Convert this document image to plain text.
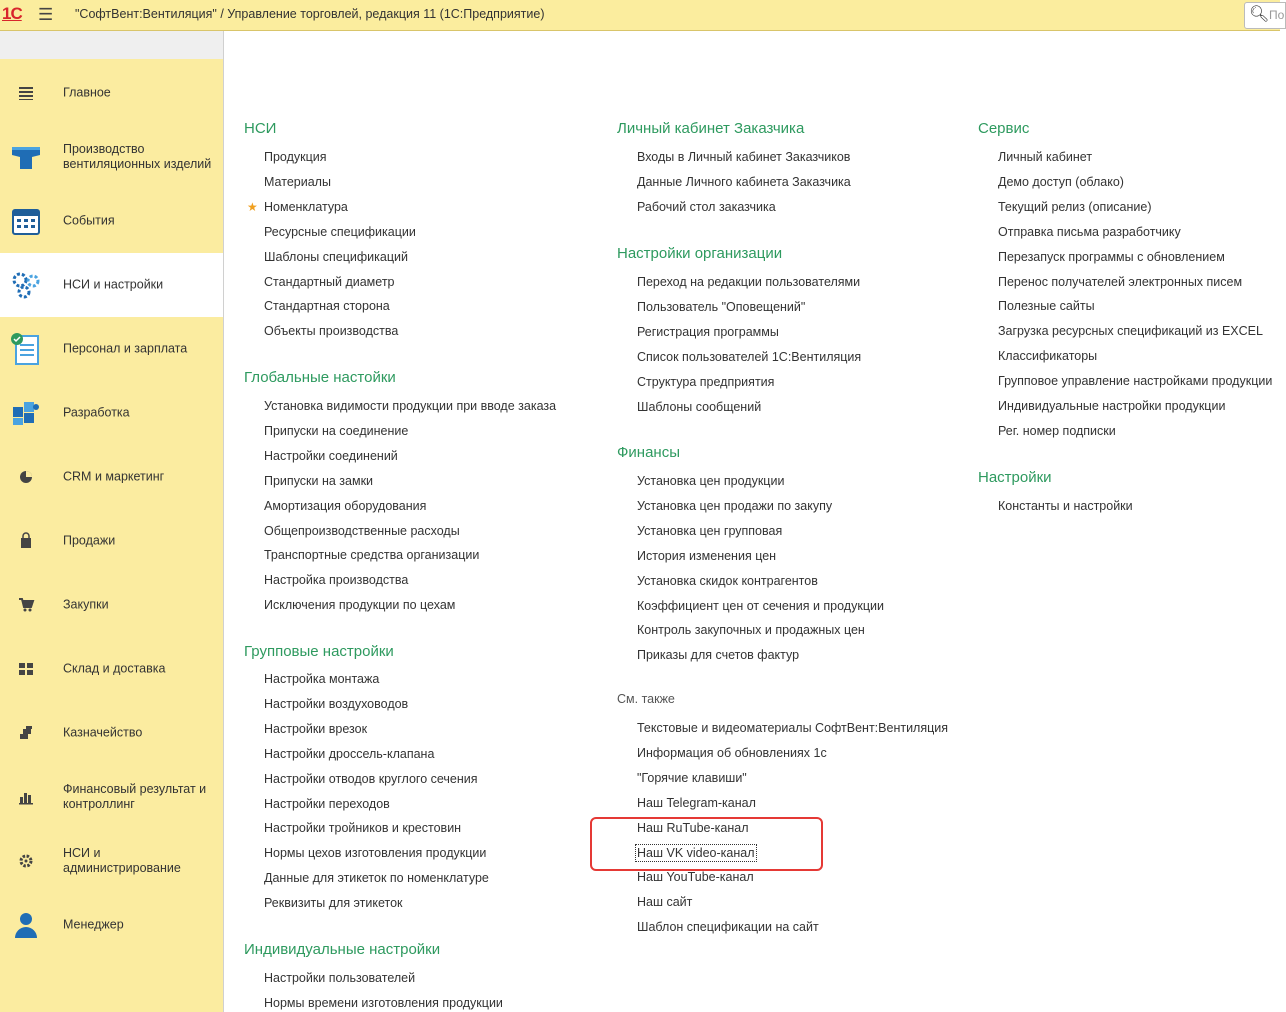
1С ☰ "СофтВент:Вентиляция" / Управление торговлей, редакция 11 (1С:Предприятие)	🔍︎ По
Главное
Производство вентиляционных изделий
События
НСИ и настройки
Персонал и зарплата
Разработка
CRM и маркетинг
Продажи
Закупки
Склад и доставка
Казначейство
Финансовый результат и контроллинг
НСИ и администрирование
Менеджер
НСИ
Продукция
Материалы
Номенклатура
Ресурсные спецификации
Шаблоны спецификаций
Стандартный диаметр
Стандартная сторона
Объекты производства
Глобальные настойки
Установка видимости продукции при вводе заказа
Припуски на соединение
Настройки соединений
Припуски на замки
Амортизация оборудования
Общепроизводственные расходы
Транспортные средства организации
Настройка производства
Исключения продукции по цехам
Групповые настройки
Настройка монтажа
Настройки воздуховодов
Настройки врезок
Настройки дроссель-клапана
Настройки отводов круглого сечения
Настройки переходов
Настройки тройников и крестовин
Нормы цехов изготовления продукции
Данные для этикеток по номенклатуре
Реквизиты для этикеток
Индивидуальные настройки
Настройки пользователей
Нормы времени изготовления продукции
Личный кабинет Заказчика
Входы в Личный кабинет Заказчиков
Данные Личного кабинета Заказчика
Рабочий стол заказчика
Настройки организации
Переход на редакции пользователями
Пользователь "Оповещений"
Регистрация программы
Список пользователей 1С:Вентиляция
Структура предприятия
Шаблоны сообщений
Финансы
Установка цен продукции
Установка цен продажи по закупу
Установка цен групповая
История изменения цен
Установка скидок контрагентов
Коэффициент цен от сечения и продукции
Контроль закупочных и продажных цен
Приказы для счетов фактур
См. также
Текстовые и видеоматериалы СофтВент:Вентиляция
Информация об обновлениях 1с
"Горячие клавиши"
Наш Telegram-канал
Наш RuTube-канал
Наш VK video-канал
Наш YouTube-канал
Наш сайт
Шаблон спецификации на сайт
Сервис
Личный кабинет
Демо доступ (облако)
Текущий релиз (описание)
Отправка письма разработчику
Перезапуск программы с обновлением
Перенос получателей электронных писем
Полезные сайты
Загрузка ресурсных спецификаций из EXCEL
Классификаторы
Групповое управление настройками продукции
Индивидуальные настройки продукции
Рег. номер подписки
Настройки
Константы и настройки
★
